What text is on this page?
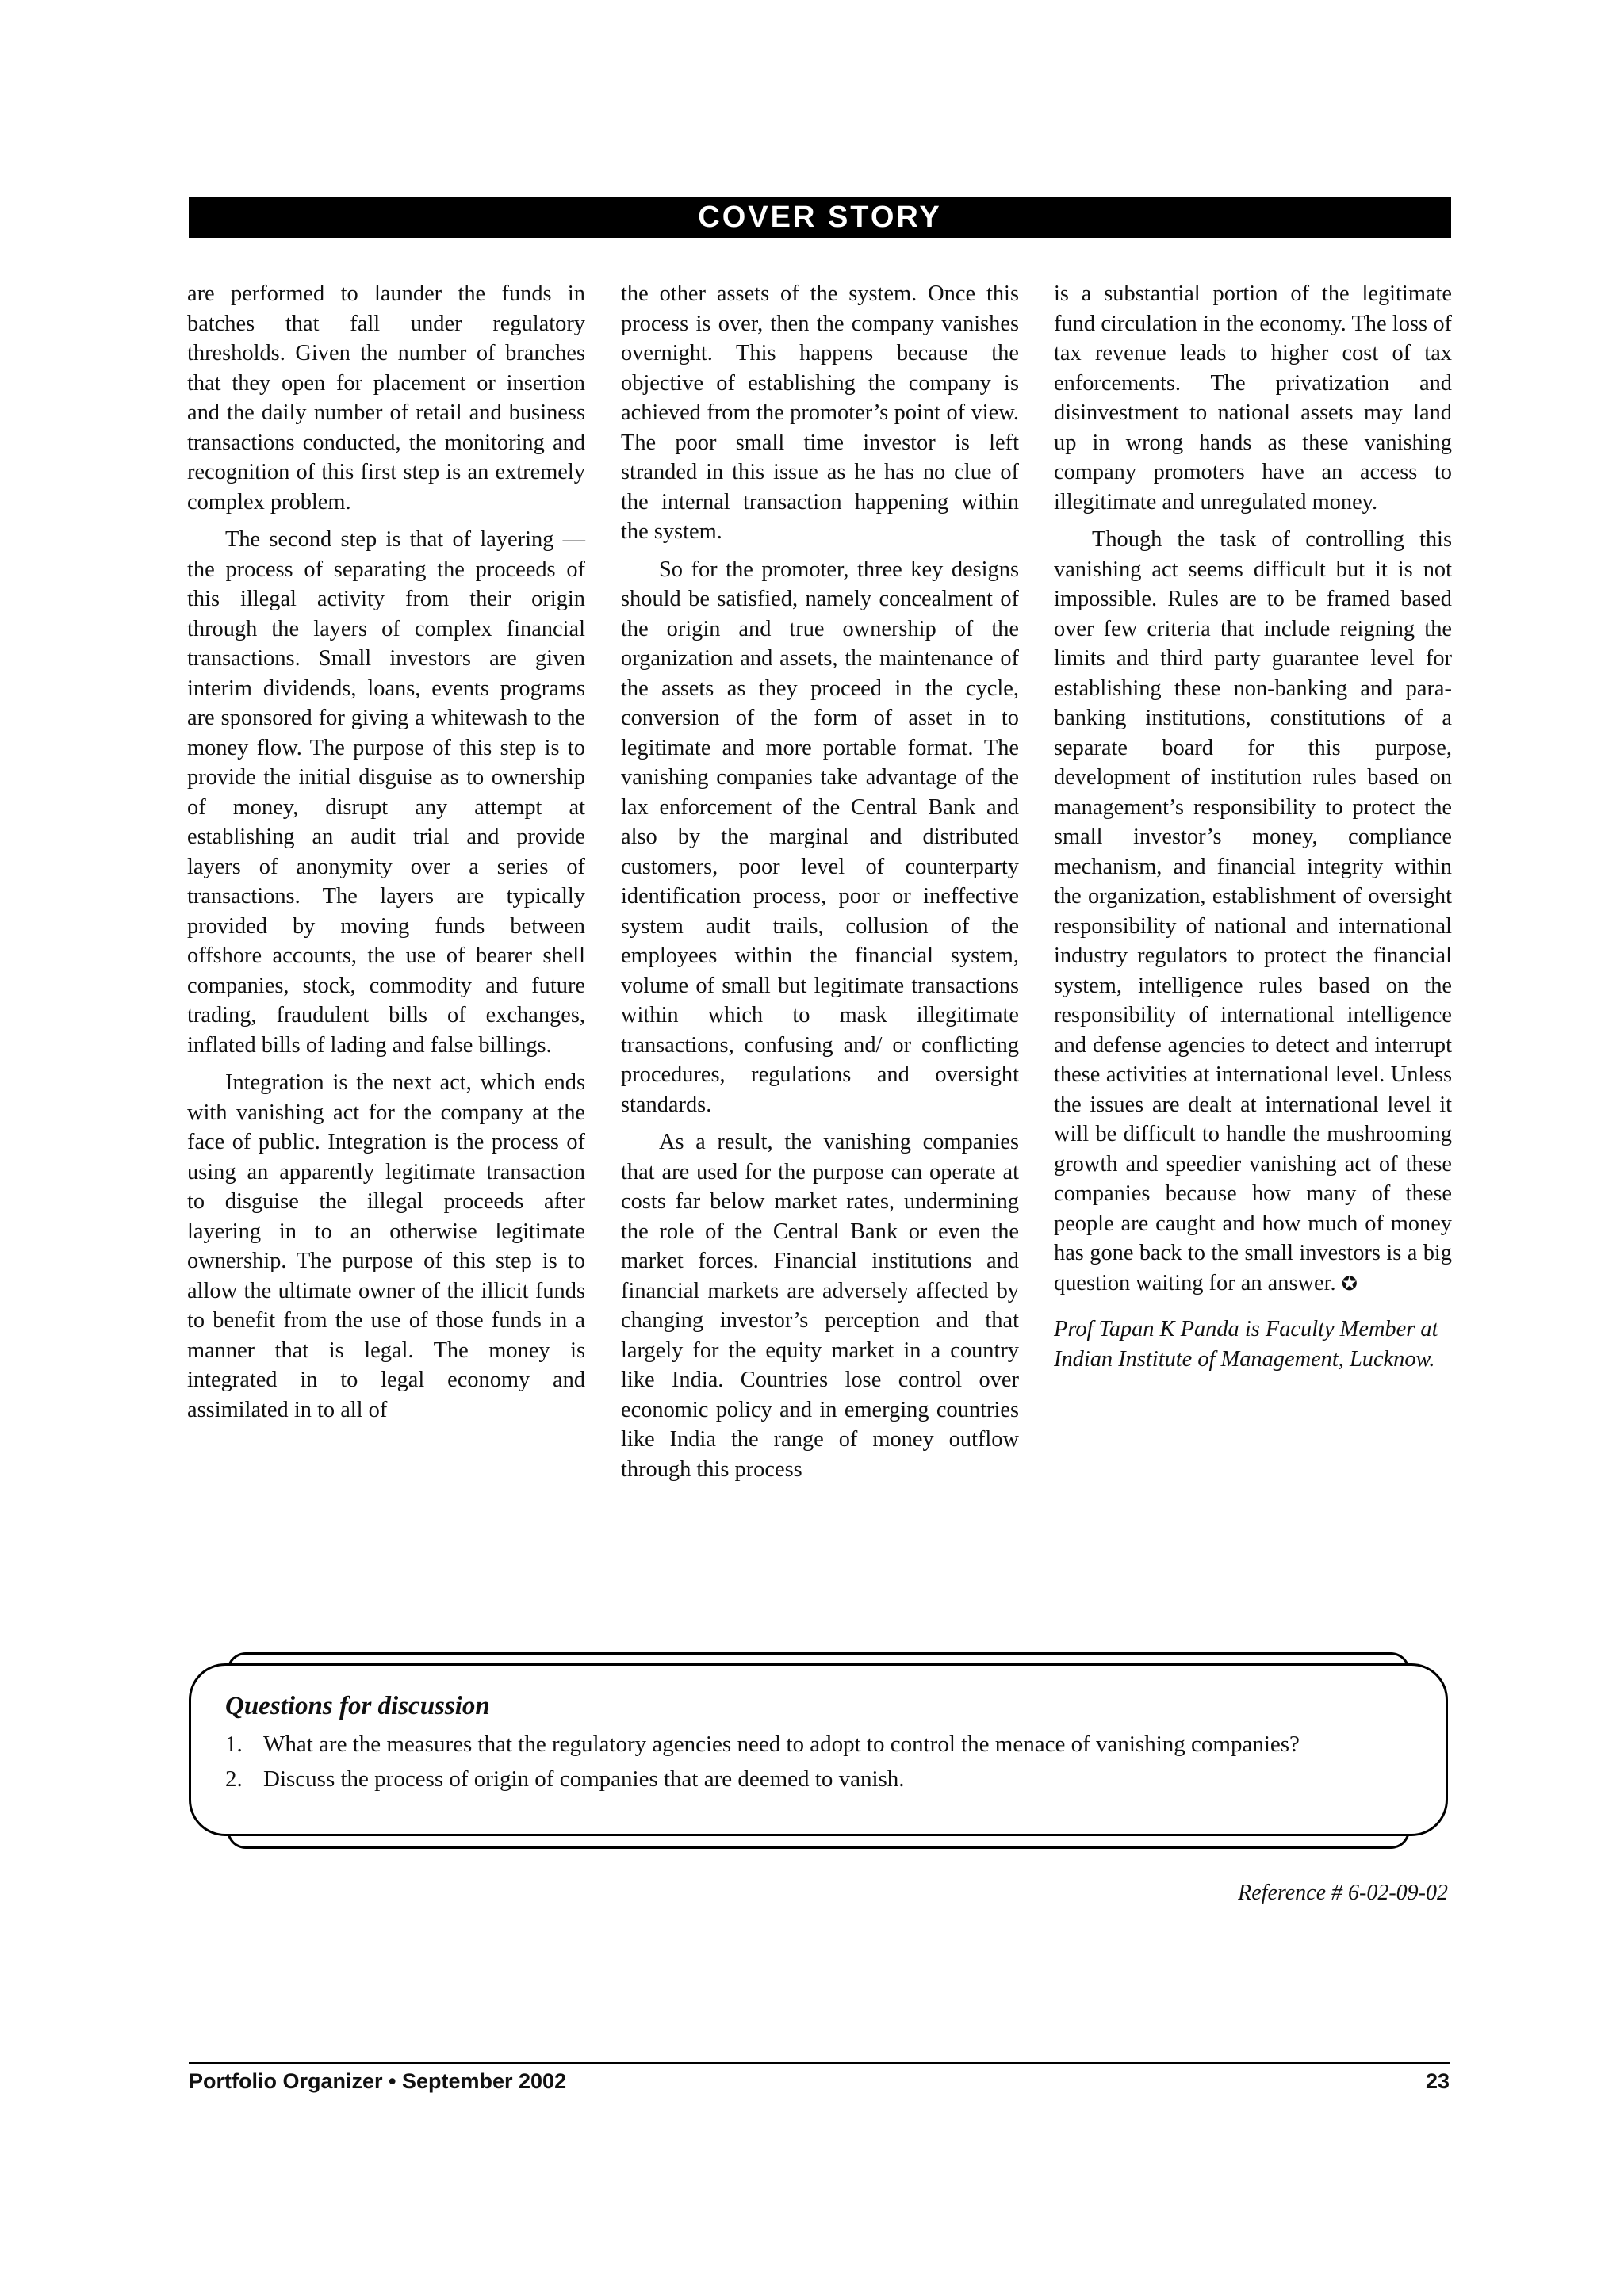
COVER STORY

are performed to launder the funds in batches that fall under regulatory thresholds. Given the number of branches that they open for placement or insertion and the daily number of retail and business transactions conducted, the monitoring and recognition of this first step is an extremely complex problem.

The second step is that of layering —the process of separating the proceeds of this illegal activity from their origin through the layers of complex financial transactions. Small investors are given interim dividends, loans, events programs are sponsored for giving a whitewash to the money flow. The purpose of this step is to provide the initial disguise as to ownership of money, disrupt any attempt at establishing an audit trial and provide layers of anonymity over a series of transactions. The layers are typically provided by moving funds between offshore accounts, the use of bearer shell companies, stock, commodity and future trading, fraudulent bills of exchanges, inflated bills of lading and false billings.

Integration is the next act, which ends with vanishing act for the company at the face of public. Integration is the process of using an apparently legitimate transaction to disguise the illegal proceeds after layering in to an otherwise legitimate ownership. The purpose of this step is to allow the ultimate owner of the illicit funds to benefit from the use of those funds in a manner that is legal. The money is integrated in to legal economy and assimilated in to all of

the other assets of the system. Once this process is over, then the company vanishes overnight. This happens because the objective of establishing the company is achieved from the promoter’s point of view. The poor small time investor is left stranded in this issue as he has no clue of the internal transaction happening within the system.

So for the promoter, three key designs should be satisfied, namely concealment of the origin and true ownership of the organization and assets, the maintenance of the assets as they proceed in the cycle, conversion of the form of asset in to legitimate and more portable format. The vanishing companies take advantage of the lax enforcement of the Central Bank and also by the marginal and distributed customers, poor level of counterparty identification process, poor or ineffective system audit trails, collusion of the employees within the financial system, volume of small but legitimate transactions within which to mask illegitimate transactions, confusing and/ or conflicting procedures, regulations and oversight standards.

As a result, the vanishing companies that are used for the purpose can operate at costs far below market rates, undermining the role of the Central Bank or even the market forces. Financial institutions and financial markets are adversely affected by changing investor’s perception and that largely for the equity market in a country like India. Countries lose control over economic policy and in emerging countries like India the range of money outflow through this process

is a substantial portion of the legitimate fund circulation in the economy. The loss of tax revenue leads to higher cost of tax enforcements. The privatization and disinvestment to national assets may land up in wrong hands as these vanishing company promoters have an access to illegitimate and unregulated money.

Though the task of controlling this vanishing act seems difficult but it is not impossible. Rules are to be framed based over few criteria that include reigning the limits and third party guarantee level for establishing these non-banking and para-banking institutions, constitutions of a separate board for this purpose, development of institution rules based on management’s responsibility to protect the small investor’s money, compliance mechanism, and financial integrity within the organization, establishment of oversight responsibility of national and international industry regulators to protect the financial system, intelligence rules based on the responsibility of international intelligence and defense agencies to detect and interrupt these activities at international level. Unless the issues are dealt at international level it will be difficult to handle the mushrooming growth and speedier vanishing act of these companies because how many of these people are caught and how much of money has gone back to the small investors is a big question waiting for an answer. ✪

Prof Tapan K Panda is Faculty Member at Indian Institute of Management, Lucknow.

Questions for discussion
1. What are the measures that the regulatory agencies need to adopt to control the menace of vanishing companies?
2. Discuss the process of origin of companies that are deemed to vanish.
Reference # 6-02-09-02
Portfolio Organizer • September 2002	23
